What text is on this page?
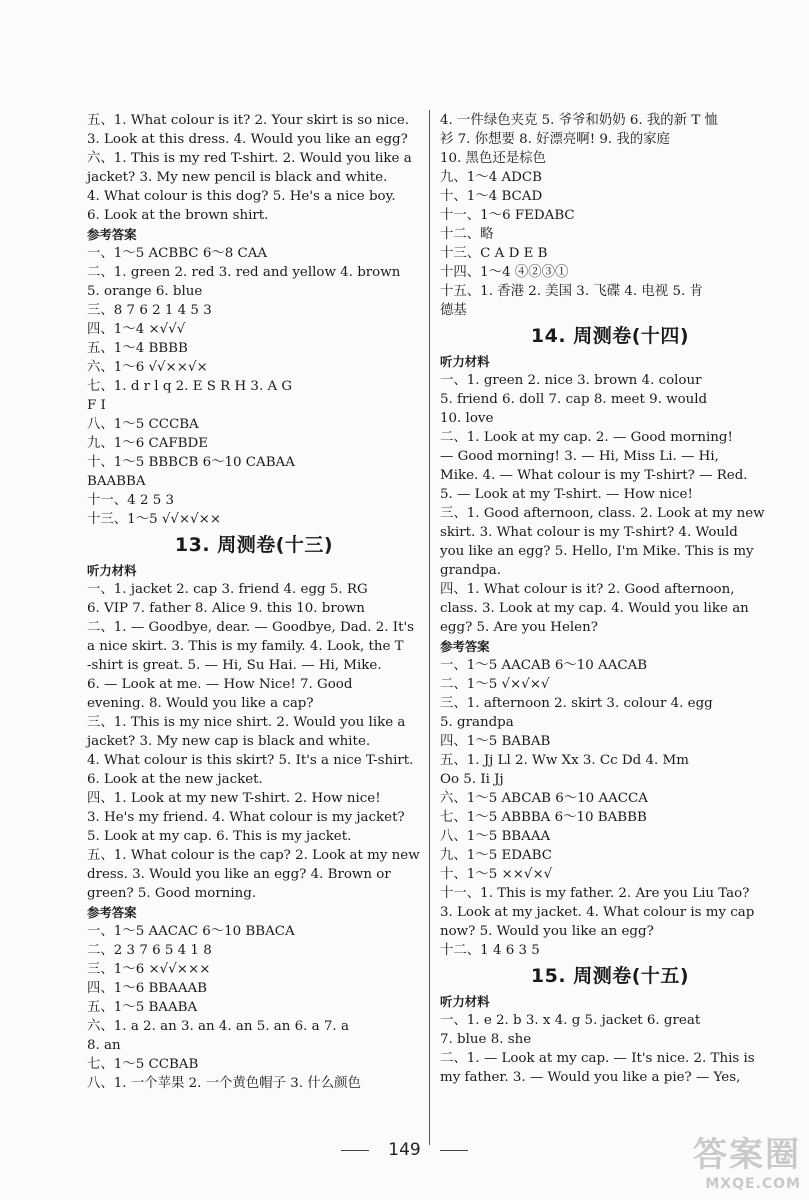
五、1. What colour is it? 2. Your skirt is so nice.
3. Look at this dress. 4. Would you like an egg?
六、1. This is my red T-shirt. 2. Would you like a
jacket? 3. My new pencil is black and white.
4. What colour is this dog? 5. He's a nice boy.
6. Look at the brown shirt.
参考答案
一、1～5 ACBBC 6～8 CAA
二、1. green 2. red 3. red and yellow 4. brown
5. orange 6. blue
三、8 7 6 2 1 4 5 3
四、1～4 ×√√√
五、1～4 BBBB
六、1～6 √√××√×
七、1. d r l q 2. E S R H 3. A G
F I
八、1～5 CCCBA
九、1～6 CAFBDE
十、1～5 BBBCB 6～10 CABAA
BAABBA
十一、4 2 5 3
十三、1～5 √√×√××
13. 周测卷(十三)
听力材料
一、1. jacket 2. cap 3. friend 4. egg 5. RG
6. VIP 7. father 8. Alice 9. this 10. brown
二、1. — Goodbye, dear. — Goodbye, Dad. 2. It's
a nice skirt. 3. This is my family. 4. Look, the T
-shirt is great. 5. — Hi, Su Hai. — Hi, Mike.
6. — Look at me. — How Nice! 7. Good
evening. 8. Would you like a cap?
三、1. This is my nice shirt. 2. Would you like a
jacket? 3. My new cap is black and white.
4. What colour is this skirt? 5. It's a nice T-shirt.
6. Look at the new jacket.
四、1. Look at my new T-shirt. 2. How nice!
3. He's my friend. 4. What colour is my jacket?
5. Look at my cap. 6. This is my jacket.
五、1. What colour is the cap? 2. Look at my new
dress. 3. Would you like an egg? 4. Brown or
green? 5. Good morning.
参考答案
一、1～5 AACAC 6～10 BBACA
二、2 3 7 6 5 4 1 8
三、1～6 ×√√×××
四、1～6 BBAAAB
五、1～5 BAABA
六、1. a 2. an 3. an 4. an 5. an 6. a 7. a
8. an
七、1～5 CCBAB
八、1. 一个苹果 2. 一个黄色帽子 3. 什么颜色
4. 一件绿色夹克 5. 爷爷和奶奶 6. 我的新 T 恤
衫 7. 你想要 8. 好漂亮啊! 9. 我的家庭
10. 黑色还是棕色
九、1～4 ADCB
十、1～4 BCAD
十一、1～6 FEDABC
十二、略
十三、C A D E B
十四、1～4 ④②③①
十五、1. 香港 2. 美国 3. 飞碟 4. 电视 5. 肯
德基
14. 周测卷(十四)
听力材料
一、1. green 2. nice 3. brown 4. colour
5. friend 6. doll 7. cap 8. meet 9. would
10. love
二、1. Look at my cap. 2. — Good morning!
— Good morning! 3. — Hi, Miss Li. — Hi,
Mike. 4. — What colour is my T-shirt? — Red.
5. — Look at my T-shirt. — How nice!
三、1. Good afternoon, class. 2. Look at my new
skirt. 3. What colour is my T-shirt? 4. Would
you like an egg? 5. Hello, I'm Mike. This is my
grandpa.
四、1. What colour is it? 2. Good afternoon,
class. 3. Look at my cap. 4. Would you like an
egg? 5. Are you Helen?
参考答案
一、1～5 AACAB 6～10 AACAB
二、1～5 √×√×√
三、1. afternoon 2. skirt 3. colour 4. egg
5. grandpa
四、1～5 BABAB
五、1. Jj Ll 2. Ww Xx 3. Cc Dd 4. Mm
Oo 5. Ii Jj
六、1～5 ABCAB 6～10 AACCA
七、1～5 ABBBA 6～10 BABBB
八、1～5 BBAAA
九、1～5 EDABC
十、1～5 ××√×√
十一、1. This is my father. 2. Are you Liu Tao?
3. Look at my jacket. 4. What colour is my cap
now? 5. Would you like an egg?
十二、1 4 6 3 5
15. 周测卷(十五)
听力材料
一、1. e 2. b 3. x 4. g 5. jacket 6. great
7. blue 8. she
二、1. — Look at my cap. — It's nice. 2. This is
my father. 3. — Would you like a pie? — Yes,
149	答案圈
MXQE.COM
